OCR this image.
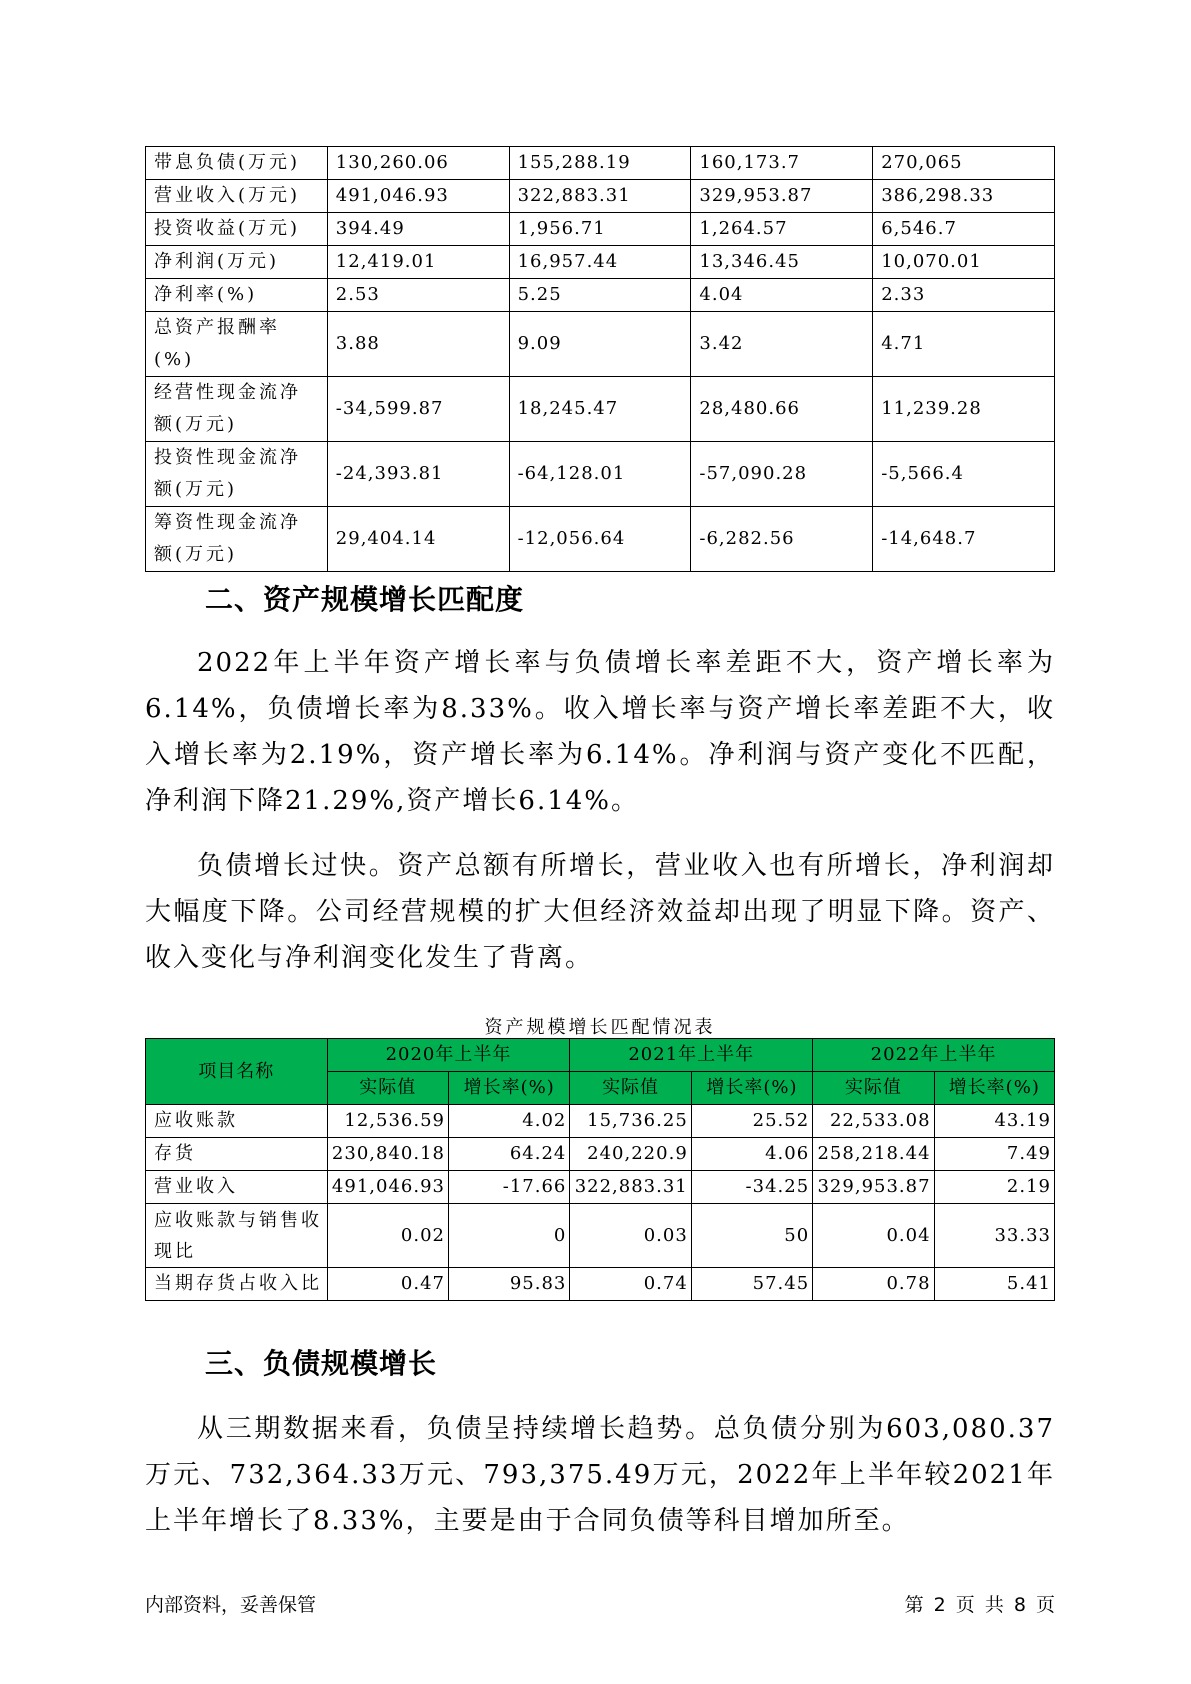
带息负债(万元)	130,260.06	155,288.19	160,173.7	270,065
营业收入(万元)	491,046.93	322,883.31	329,953.87	386,298.33
投资收益(万元)	394.49	1,956.71	1,264.57	6,546.7
净利润(万元)	12,419.01	16,957.44	13,346.45	10,070.01
净利率(%)	2.53	5.25	4.04	2.33
总资产报酬率(%)	3.88	9.09	3.42	4.71
经营性现金流净额(万元)	-34,599.87	18,245.47	28,480.66	11,239.28
投资性现金流净额(万元)	-24,393.81	-64,128.01	-57,090.28	-5,566.4
筹资性现金流净额(万元)	29,404.14	-12,056.64	-6,282.56	-14,648.7
二、资产规模增长匹配度

2022年上半年资产增长率与负债增长率差距不大，资产增长率为6.14%，负债增长率为8.33%。收入增长率与资产增长率差距不大，收入增长率为2.19%，资产增长率为6.14%。净利润与资产变化不匹配，净利润下降21.29%,资产增长6.14%。

负债增长过快。资产总额有所增长，营业收入也有所增长，净利润却大幅度下降。公司经营规模的扩大但经济效益却出现了明显下降。资产、收入变化与净利润变化发生了背离。

资产规模增长匹配情况表
项目名称	2020年上半年		2021年上半年		2022年上半年	
	实际值	增长率(%)	实际值	增长率(%)	实际值	增长率(%)
应收账款	12,536.59	4.02	15,736.25	25.52	22,533.08	43.19
存货	230,840.18	64.24	240,220.9	4.06	258,218.44	7.49
营业收入	491,046.93	-17.66	322,883.31	-34.25	329,953.87	2.19
应收账款与销售收现比	0.02	0	0.03	50	0.04	33.33
当期存货占收入比	0.47	95.83	0.74	57.45	0.78	5.41
三、负债规模增长

从三期数据来看，负债呈持续增长趋势。总负债分别为603,080.37万元、732,364.33万元、793,375.49万元，2022年上半年较2021年上半年增长了8.33%，主要是由于合同负债等科目增加所至。

内部资料，妥善保管	第 2 页 共 8 页
